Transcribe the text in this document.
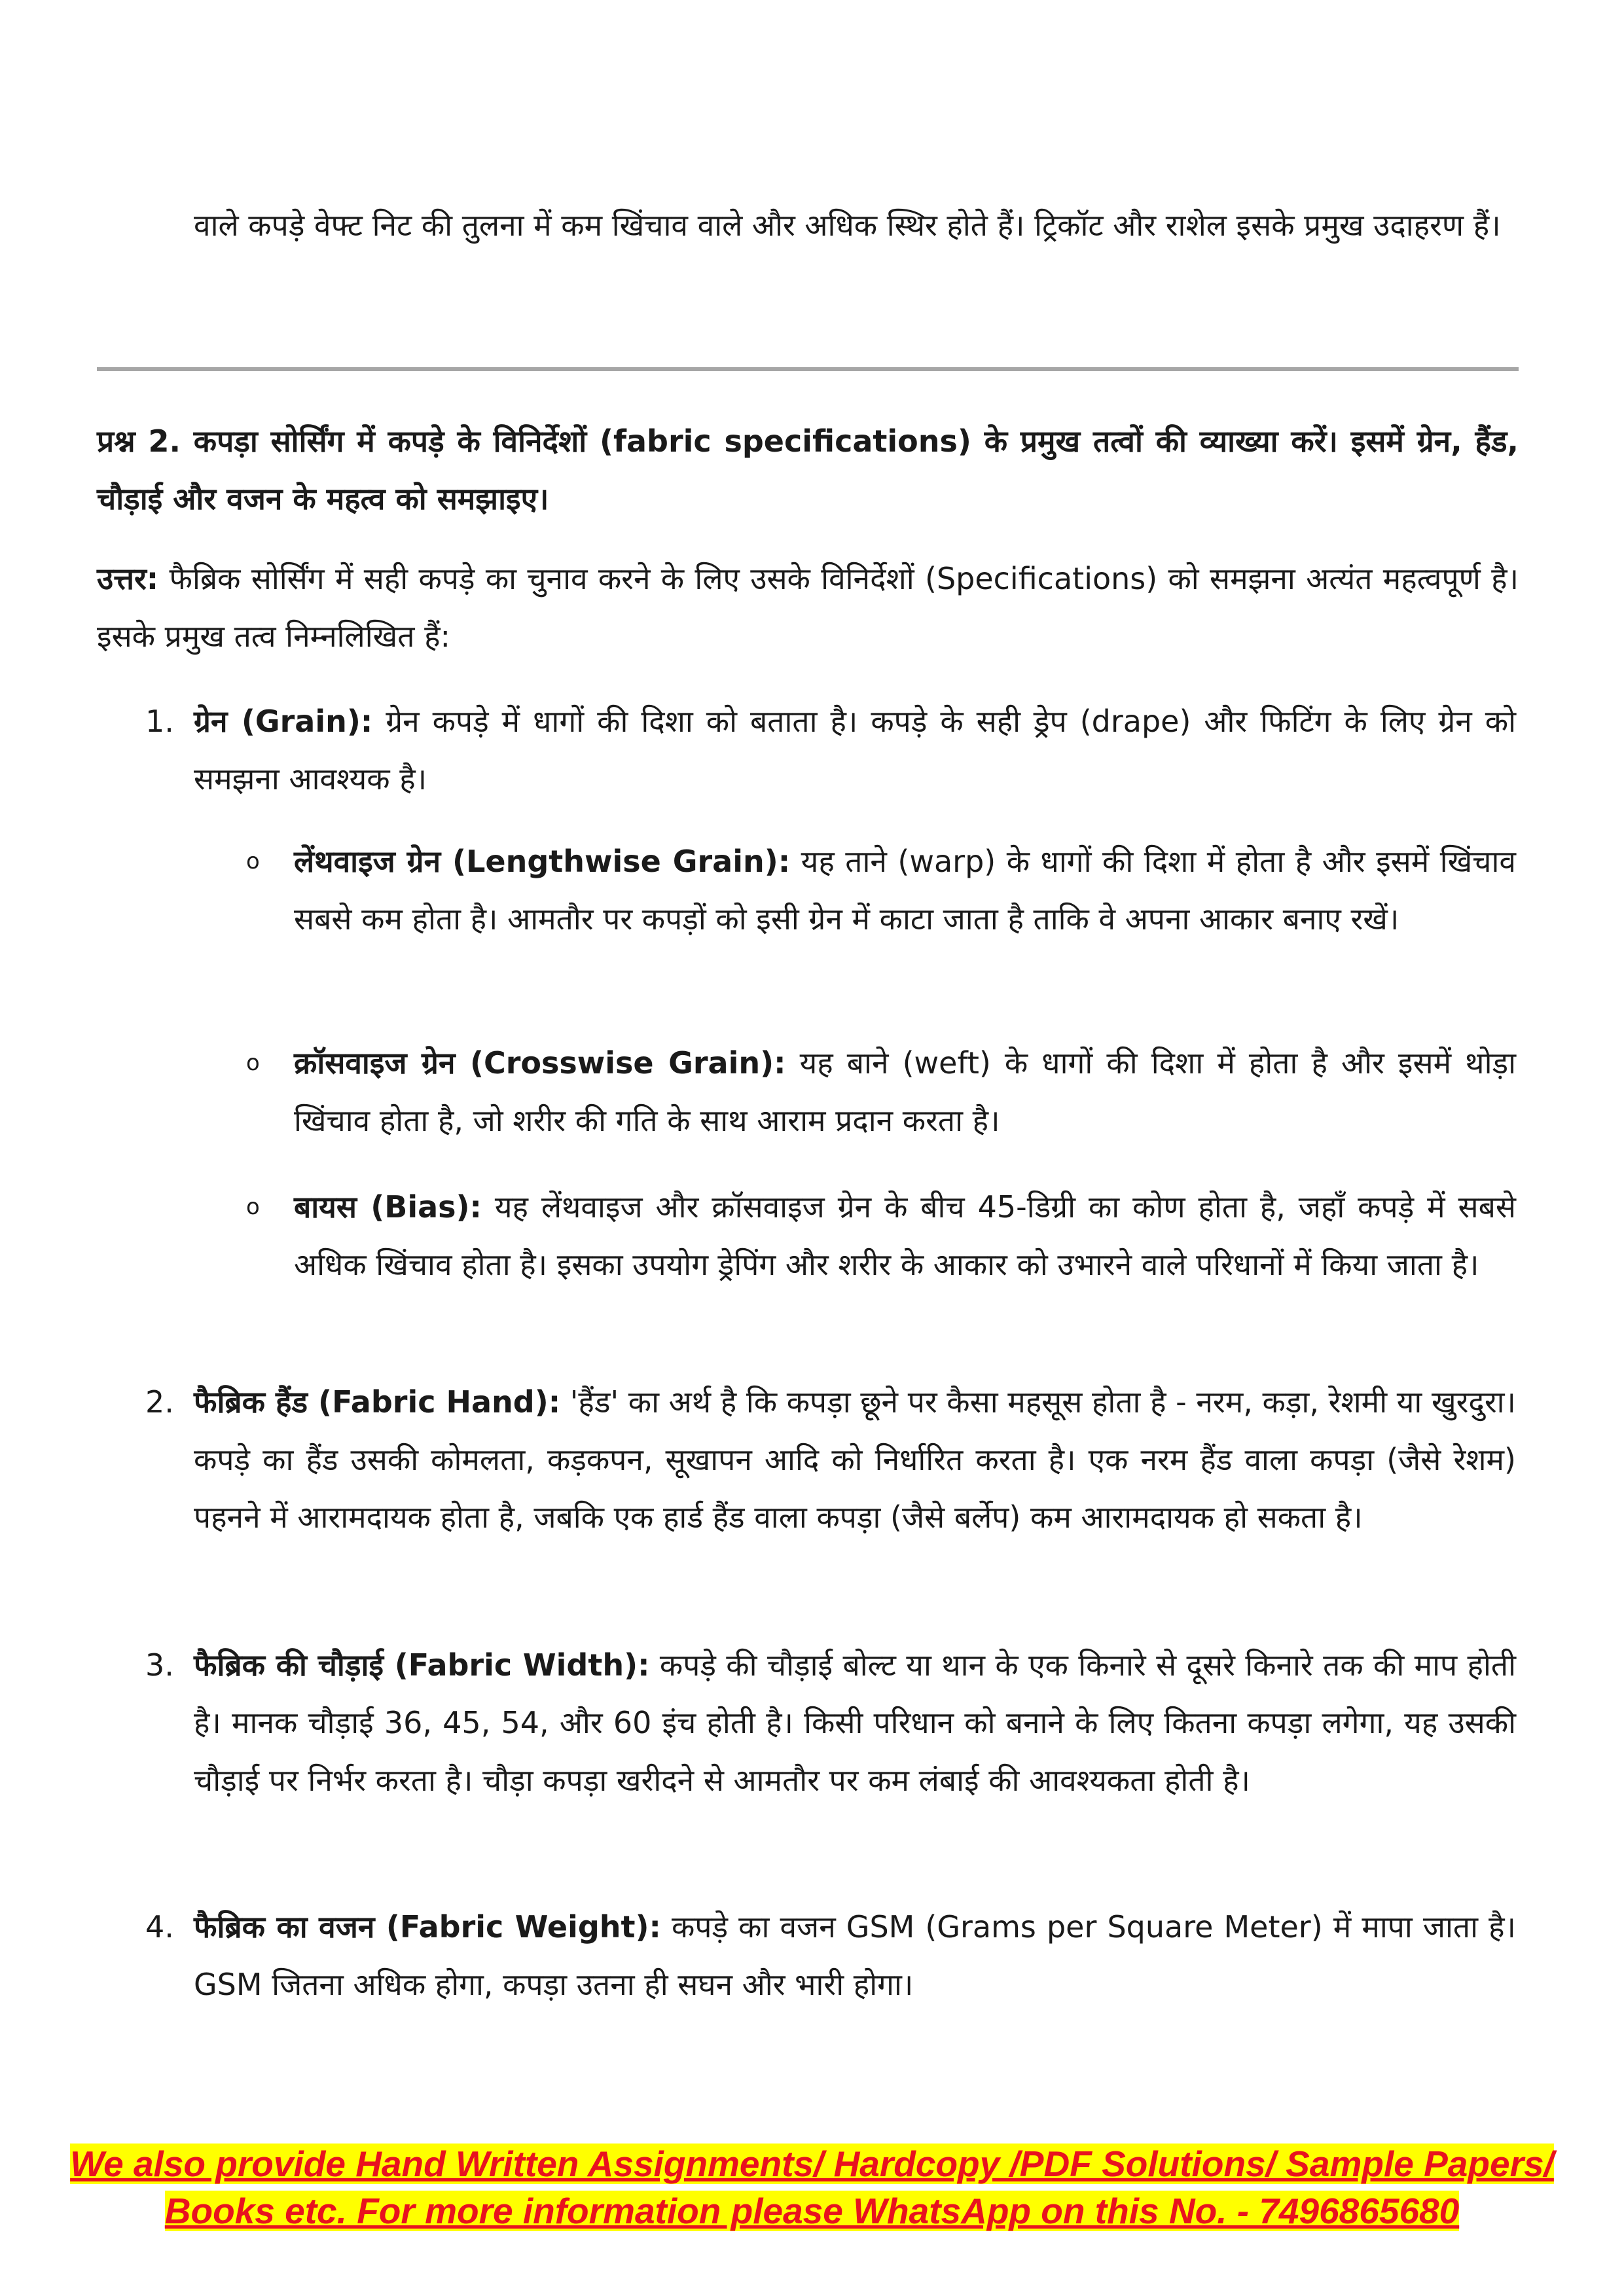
वाले कपड़े वेफ्ट निट की तुलना में कम खिंचाव वाले और अधिक स्थिर होते हैं। ट्रिकॉट और राशेल इसके प्रमुख उदाहरण हैं।

प्रश्न 2. कपड़ा सोर्सिंग में कपड़े के विनिर्देशों (fabric specifications) के प्रमुख तत्वों की व्याख्या करें। इसमें ग्रेन, हैंड, चौड़ाई और वजन के महत्व को समझाइए।

उत्तर: फैब्रिक सोर्सिंग में सही कपड़े का चुनाव करने के लिए उसके विनिर्देशों (Specifications) को समझना अत्यंत महत्वपूर्ण है। इसके प्रमुख तत्व निम्नलिखित हैं:

1. ग्रेन (Grain): ग्रेन कपड़े में धागों की दिशा को बताता है। कपड़े के सही ड्रेप (drape) और फिटिंग के लिए ग्रेन को समझना आवश्यक है।

o लेंथवाइज ग्रेन (Lengthwise Grain): यह ताने (warp) के धागों की दिशा में होता है और इसमें खिंचाव सबसे कम होता है। आमतौर पर कपड़ों को इसी ग्रेन में काटा जाता है ताकि वे अपना आकार बनाए रखें।

o क्रॉसवाइज ग्रेन (Crosswise Grain): यह बाने (weft) के धागों की दिशा में होता है और इसमें थोड़ा खिंचाव होता है, जो शरीर की गति के साथ आराम प्रदान करता है।

o बायस (Bias): यह लेंथवाइज और क्रॉसवाइज ग्रेन के बीच 45-डिग्री का कोण होता है, जहाँ कपड़े में सबसे अधिक खिंचाव होता है। इसका उपयोग ड्रेपिंग और शरीर के आकार को उभारने वाले परिधानों में किया जाता है।

2. फैब्रिक हैंड (Fabric Hand): 'हैंड' का अर्थ है कि कपड़ा छूने पर कैसा महसूस होता है - नरम, कड़ा, रेशमी या खुरदुरा। कपड़े का हैंड उसकी कोमलता, कड़कपन, सूखापन आदि को निर्धारित करता है। एक नरम हैंड वाला कपड़ा (जैसे रेशम) पहनने में आरामदायक होता है, जबकि एक हार्ड हैंड वाला कपड़ा (जैसे बर्लेप) कम आरामदायक हो सकता है।

3. फैब्रिक की चौड़ाई (Fabric Width): कपड़े की चौड़ाई बोल्ट या थान के एक किनारे से दूसरे किनारे तक की माप होती है। मानक चौड़ाई 36, 45, 54, और 60 इंच होती है। किसी परिधान को बनाने के लिए कितना कपड़ा लगेगा, यह उसकी चौड़ाई पर निर्भर करता है। चौड़ा कपड़ा खरीदने से आमतौर पर कम लंबाई की आवश्यकता होती है।

4. फैब्रिक का वजन (Fabric Weight): कपड़े का वजन GSM (Grams per Square Meter) में मापा जाता है। GSM जितना अधिक होगा, कपड़ा उतना ही सघन और भारी होगा।

We also provide Hand Written Assignments/ Hardcopy /PDF Solutions/ Sample Papers/
Books etc. For more information please WhatsApp on this No. - 7496865680
